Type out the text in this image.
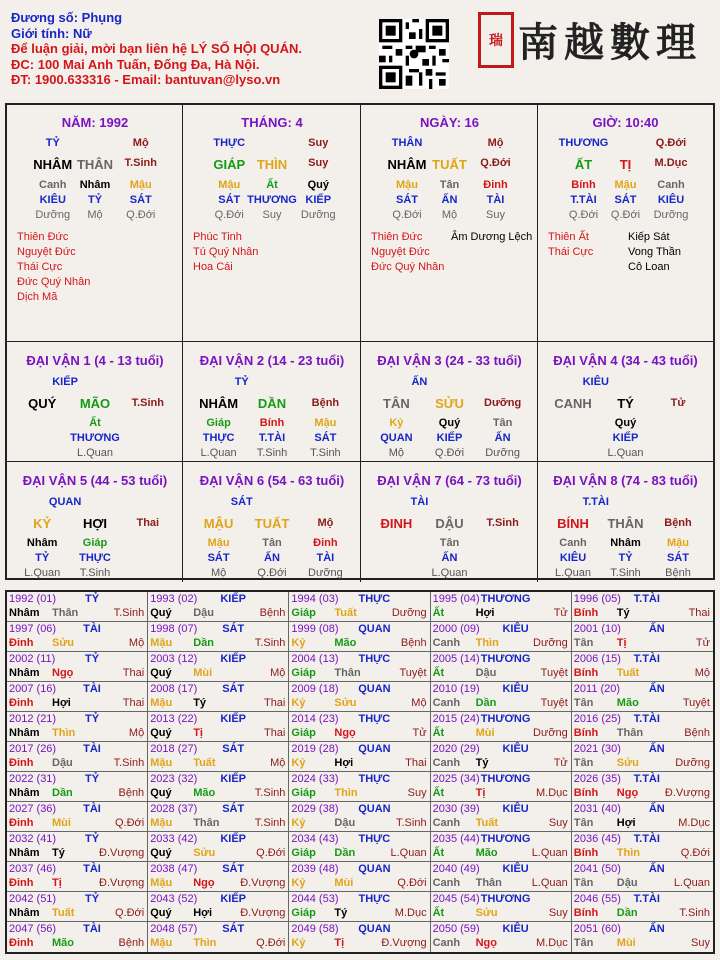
Đương số: Phụng
Giới tính: Nữ
Để luận giải, mời bạn liên hệ LÝ SỐ HỘI QUÁN.
ĐC: 100 Mai Anh Tuấn, Đống Đa, Hà Nội.
ĐT: 1900.633316 - Email: bantuvan@lyso.vn
瑞 南越數理
NĂM: 1992
TỶ	Mộ
NHÂM THÂN T.Sinh
Canh Nhâm Mậu
KIÊU TỶ	SÁT
Dưỡng Mộ Q.Đới
Thiên Đức
Nguyệt Đức
Thái Cực
Đức Quý Nhân
Dịch Mã
THÁNG: 4
THỰC	Suy
GIÁP THÌN Suy
Mậu Ất	Quý
SÁT THƯƠNG KIẾP
Q.Đới Suy Dưỡng
Phúc Tinh
Tú Quý Nhân
Hoa Cái
NGÀY: 16
THÂN	Mộ
NHÂM TUẤT Q.Đới
Mậu Tân Đinh
SÁT ẤN	TÀI
Q.Đới Mộ	Suy
Thiên Đức
Nguyệt Đức
Đức Quý Nhân
Âm Dương Lệch
GIỜ: 10:40
THƯƠNG	Q.Đới
ẤT TỊ M.Dục
Bính Mậu Canh
T.TÀI SÁT KIÊU
Q.Đới Q.Đới Dưỡng
Thiên Ất
Thái Cực
Kiếp Sát
Vong Thần
Cô Loan
ĐẠI VẬN 1 (4 - 13 tuổi)
KIẾP
QUÝ MÃO T.Sinh
Ất
THƯƠNG
L.Quan
ĐẠI VẬN 2 (14 - 23 tuổi)
TỶ
NHÂM DẦN Bệnh
Giáp
THỰC
L.Quan
Bính
T.TÀI
T.Sinh
Mậu
SÁT
T.Sinh
ĐẠI VẬN 3 (24 - 33 tuổi)
ẤN
TÂN SỬU Dưỡng
Kỷ
QUAN
Mộ
Quý
KIẾP
Q.Đới
Tân
ẤN
Dưỡng
ĐẠI VẬN 4 (34 - 43 tuổi)
KIÊU
CANH TÝ	Tử
Quý
KIẾP
L.Quan
ĐẠI VẬN 5 (44 - 53 tuổi)
QUAN
KỶ HỢI	Thai
Nhâm
TỶ
L.Quan
Giáp
THỰC
T.Sinh
ĐẠI VẬN 6 (54 - 63 tuổi)
SÁT
MẬU TUẤT	Mộ
Mậu
SÁT
Mộ
Tân
ẤN
Q.Đới
Đinh
TÀI
Dưỡng
ĐẠI VẬN 7 (64 - 73 tuổi)
TÀI
ĐINH DẬU T.Sinh
Tân
ẤN
L.Quan
ĐẠI VẬN 8 (74 - 83 tuổi)
T.TÀI
BÍNH THÂN Bệnh
Canh
KIÊU
L.Quan
Nhâm
TỶ
T.Sinh
Mậu
SÁT
Bệnh
1992 (01)	TỶ
Nhâm Thân	T.Sinh
1993 (02) KIẾP
Quý Dậu	Bệnh
1994 (03) THỰC
Giáp Tuất	Dưỡng
1995 (04) THƯƠNG
Ất	Hợi	Tử
1996 (05) T.TÀI
Bính Tý	Thai
1997 (06) TÀI
Đinh Sửu	Mộ
1998 (07) SÁT
Mậu Dần	T.Sinh
1999 (08) QUAN
Kỷ	Mão	Bệnh
2000 (09) KIÊU
Canh Thìn	Dưỡng
2001 (10)	ẤN
Tân Tị	Tử
2002 (11)	TỶ
Nhâm Ngọ	Thai
2003 (12) KIẾP
Quý Mùi	Mộ
2004 (13) THỰC
Giáp Thân	Tuyệt
2005 (14) THƯƠNG
Ất	Dậu	Tuyệt
2006 (15) T.TÀI
Bính Tuất	Mộ
2007 (16) TÀI
Đinh Hợi	Thai
2008 (17) SÁT
Mậu Tý	Thai
2009 (18) QUAN
Kỷ	Sửu	Mộ
2010 (19) KIÊU
Canh Dần	Tuyệt
2011 (20)	ẤN
Tân Mão	Tuyệt
2012 (21)	TỶ
Nhâm Thìn	Mộ
2013 (22) KIẾP
Quý Tị	Thai
2014 (23) THỰC
Giáp Ngọ	Tử
2015 (24) THƯƠNG
Ất	Mùi	Dưỡng
2016 (25) T.TÀI
Bính Thân	Bệnh
2017 (26) TÀI
Đinh Dậu	T.Sinh
2018 (27) SÁT
Mậu Tuất	Mộ
2019 (28) QUAN
Kỷ	Hợi	Thai
2020 (29) KIÊU
Canh Tý	Tử
2021 (30)	ẤN
Tân Sửu	Dưỡng
2022 (31)	TỶ
Nhâm Dần	Bệnh
2023 (32) KIẾP
Quý Mão	T.Sinh
2024 (33) THỰC
Giáp Thìn	Suy
2025 (34) THƯƠNG
Ất	Tị	M.Dục
2026 (35) T.TÀI
Bính Ngọ Đ.Vượng
2027 (36) TÀI
Đinh Mùi	Q.Đới
2028 (37) SÁT
Mậu Thân	T.Sinh
2029 (38) QUAN
Kỷ	Dậu	T.Sinh
2030 (39) KIÊU
Canh Tuất	Suy
2031 (40)	ẤN
Tân Hợi	M.Dục
2032 (41)	TỶ
Nhâm Tý	Đ.Vượng
2033 (42) KIẾP
Quý Sửu	Q.Đới
2034 (43) THỰC
Giáp Dần	L.Quan
2035 (44) THƯƠNG
Ất	Mão	L.Quan
2036 (45) T.TÀI
Bính Thìn	Q.Đới
2037 (46) TÀI
Đinh Tị	Đ.Vượng
2038 (47) SÁT
Mậu Ngọ Đ.Vượng
2039 (48) QUAN
Kỷ	Mùi	Q.Đới
2040 (49) KIÊU
Canh Thân	L.Quan
2041 (50)	ẤN
Tân Dậu	L.Quan
2042 (51)	TỶ
Nhâm Tuất	Q.Đới
2043 (52) KIẾP
Quý Hợi	Đ.Vượng
2044 (53) THỰC
Giáp Tý	M.Dục
2045 (54) THƯƠNG
Ất	Sửu	Suy
2046 (55) T.TÀI
Bính Dần	T.Sinh
2047 (56) TÀI
Đinh Mão	Bệnh
2048 (57) SÁT
Mậu Thìn	Q.Đới
2049 (58) QUAN
Kỷ	Tị	Đ.Vượng
2050 (59) KIÊU
Canh Ngọ	M.Dục
2051 (60)	ẤN
Tân Mùi	Suy
